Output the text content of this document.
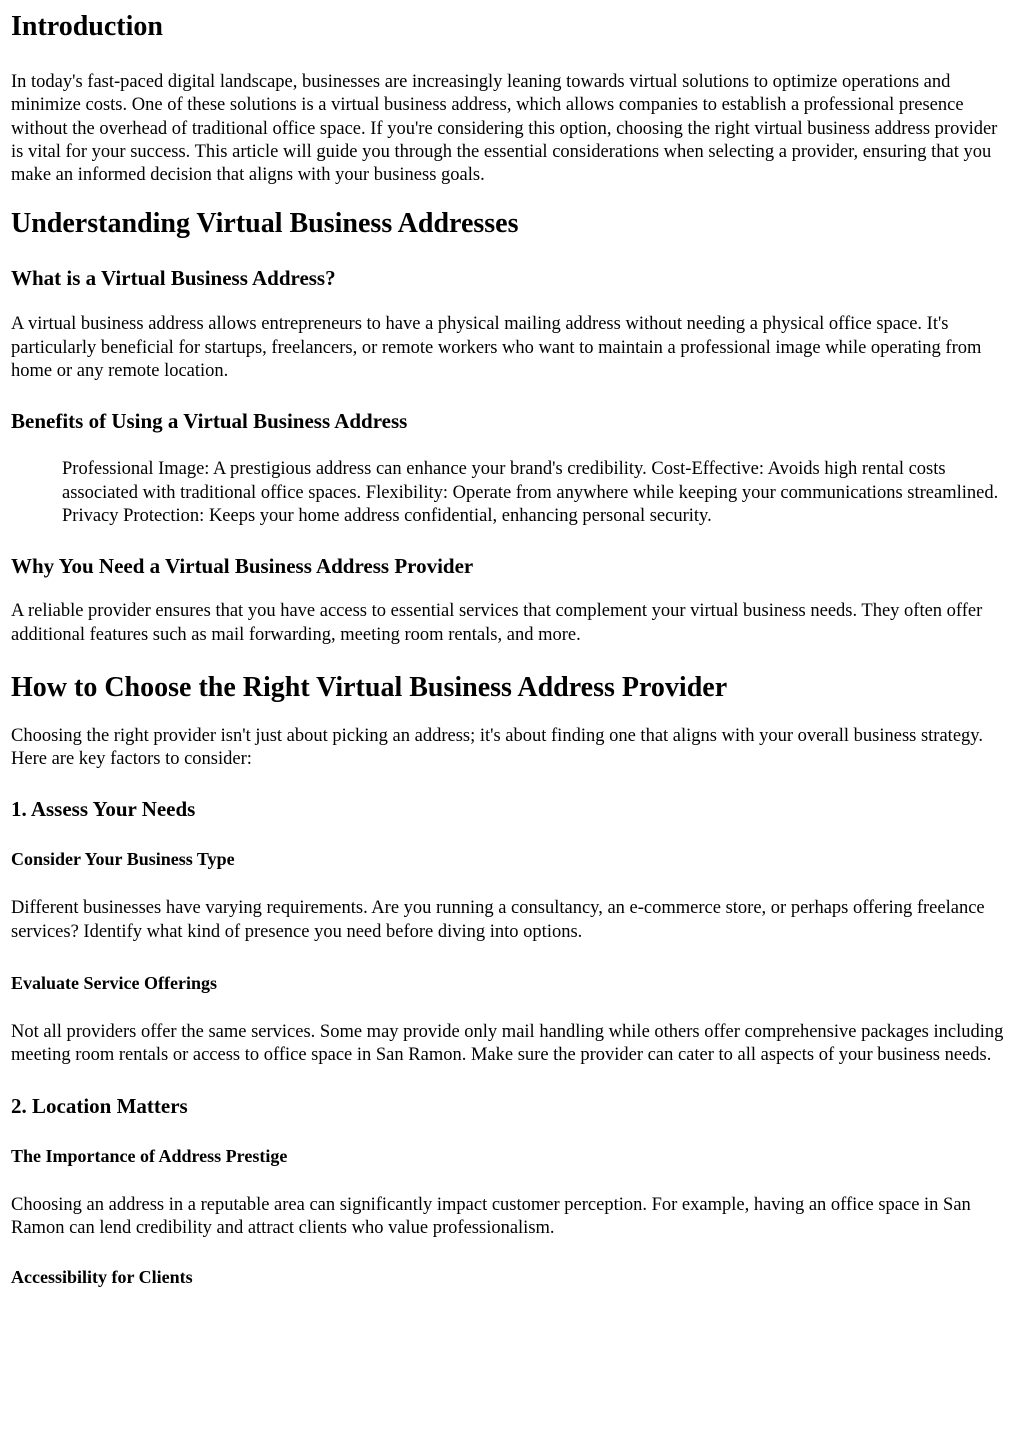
Introduction

In today's fast-paced digital landscape, businesses are increasingly leaning towards virtual solutions to optimize operations and minimize costs. One of these solutions is a virtual business address, which allows companies to establish a professional presence without the overhead of traditional office space. If you're considering this option, choosing the right virtual business address provider is vital for your success. This article will guide you through the essential considerations when selecting a provider, ensuring that you make an informed decision that aligns with your business goals.

Understanding Virtual Business Addresses
What is a Virtual Business Address?

A virtual business address allows entrepreneurs to have a physical mailing address without needing a physical office space. It's particularly beneficial for startups, freelancers, or remote workers who want to maintain a professional image while operating from home or any remote location.

Benefits of Using a Virtual Business Address
Professional Image: A prestigious address can enhance your brand's credibility. Cost-Effective: Avoids high rental costs associated with traditional office spaces. Flexibility: Operate from anywhere while keeping your communications streamlined. Privacy Protection: Keeps your home address confidential, enhancing personal security.
Why You Need a Virtual Business Address Provider

A reliable provider ensures that you have access to essential services that complement your virtual business needs. They often offer additional features such as mail forwarding, meeting room rentals, and more.

How to Choose the Right Virtual Business Address Provider

Choosing the right provider isn't just about picking an address; it's about finding one that aligns with your overall business strategy. Here are key factors to consider:

1. Assess Your Needs
Consider Your Business Type

Different businesses have varying requirements. Are you running a consultancy, an e-commerce store, or perhaps offering freelance services? Identify what kind of presence you need before diving into options.

Evaluate Service Offerings

Not all providers offer the same services. Some may provide only mail handling while others offer comprehensive packages including meeting room rentals or access to office space in San Ramon. Make sure the provider can cater to all aspects of your business needs.

2. Location Matters
The Importance of Address Prestige

Choosing an address in a reputable area can significantly impact customer perception. For example, having an office space in San Ramon can lend credibility and attract clients who value professionalism.

Accessibility for Clients
